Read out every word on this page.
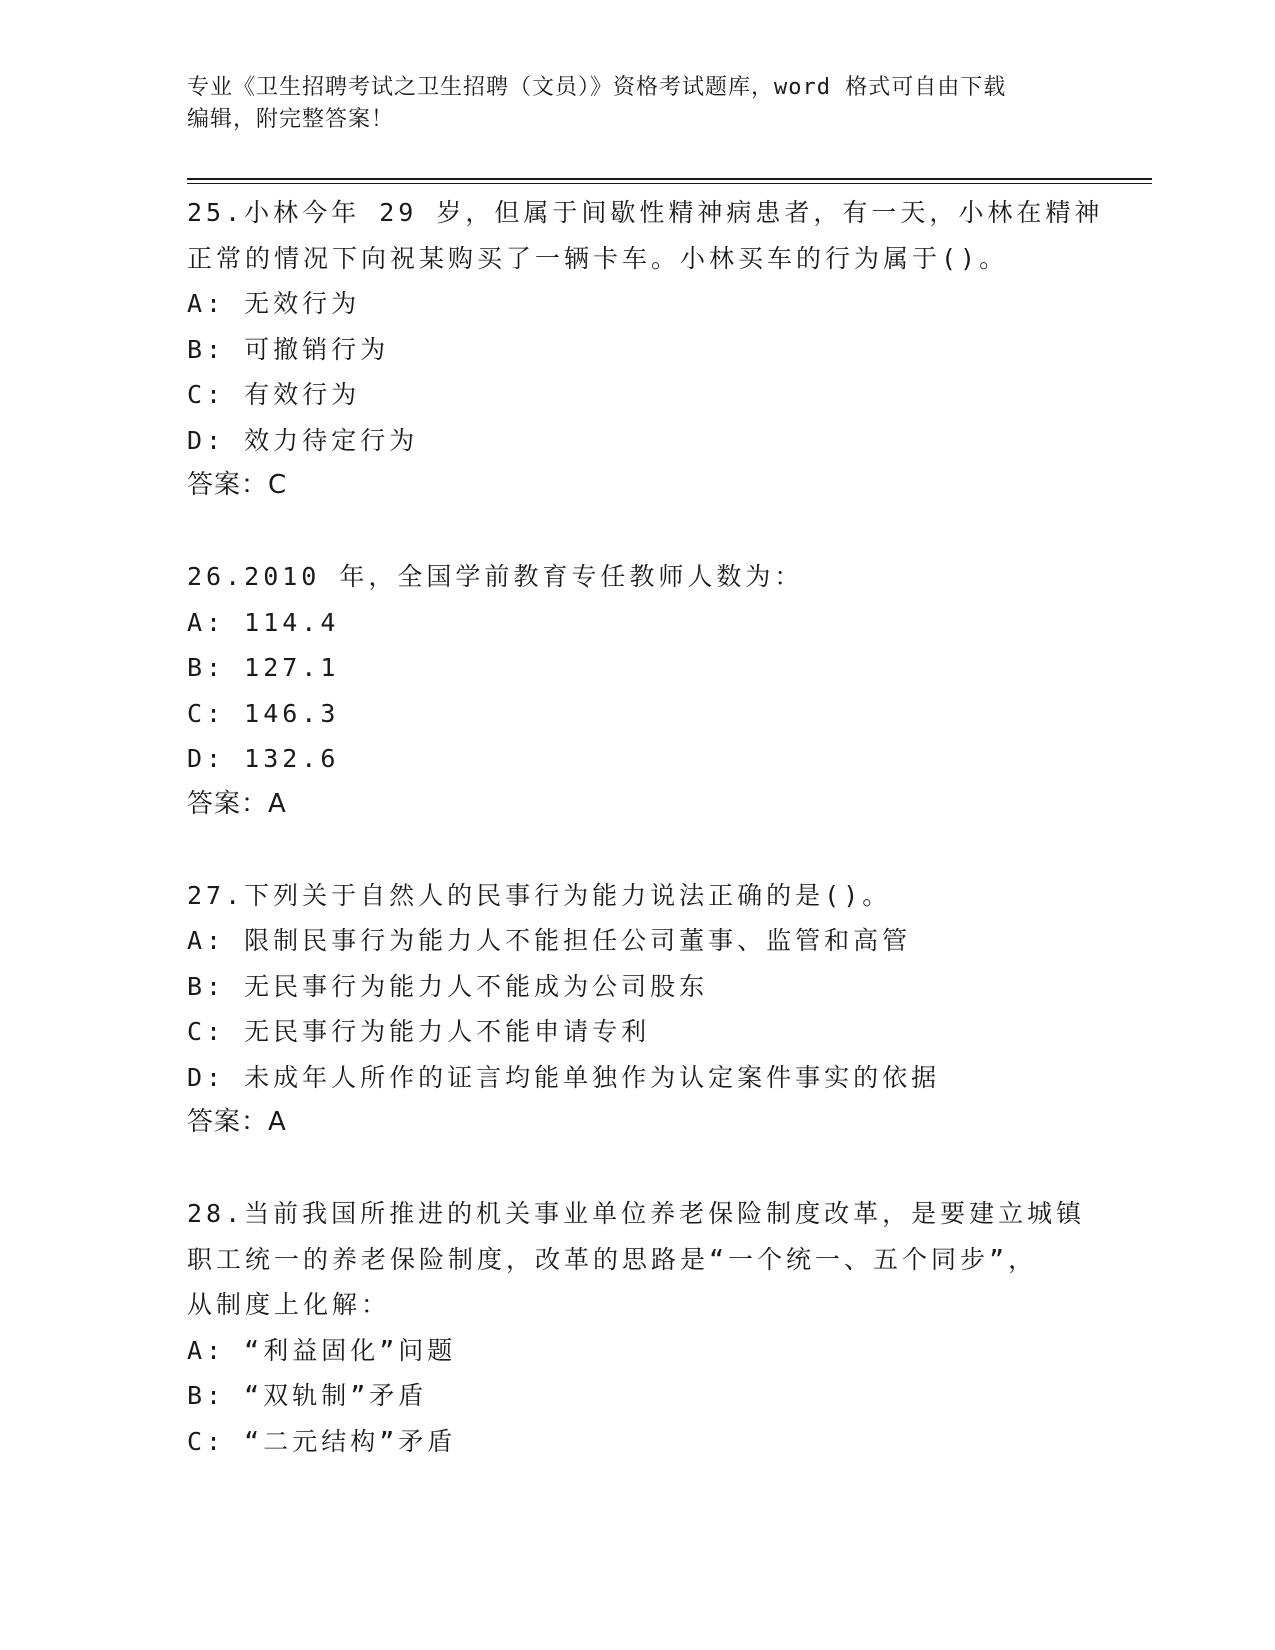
专业《卫生招聘考试之卫生招聘（文员）》资格考试题库，word 格式可自由下载
编辑，附完整答案！
25.小林今年 29 岁，但属于间歇性精神病患者，有一天，小林在精神
正常的情况下向祝某购买了一辆卡车。小林买车的行为属于()。
A: 无效行为
B: 可撤销行为
C: 有效行为
D: 效力待定行为
答案：C
26.2010 年，全国学前教育专任教师人数为：
A: 114.4
B: 127.1
C: 146.3
D: 132.6
答案：A
27.下列关于自然人的民事行为能力说法正确的是()。
A: 限制民事行为能力人不能担任公司董事、监管和高管
B: 无民事行为能力人不能成为公司股东
C: 无民事行为能力人不能申请专利
D: 未成年人所作的证言均能单独作为认定案件事实的依据
答案：A
28.当前我国所推进的机关事业单位养老保险制度改革，是要建立城镇
职工统一的养老保险制度，改革的思路是“一个统一、五个同步”，
从制度上化解：
A: “利益固化”问题
B: “双轨制”矛盾
C: “二元结构”矛盾
